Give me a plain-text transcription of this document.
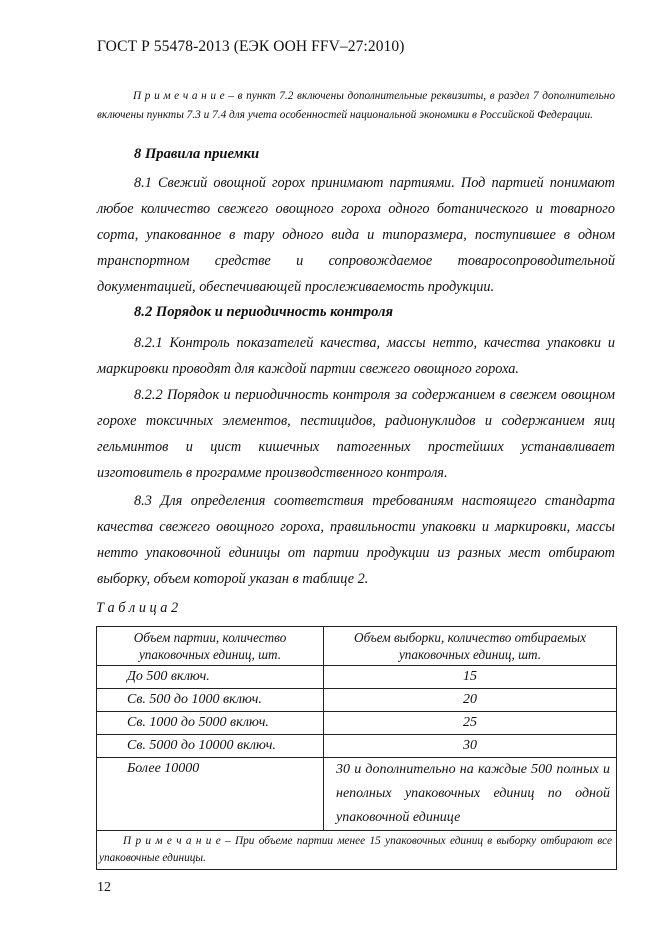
ГОСТ Р 55478-2013 (ЕЭК ООН FFV–27:2010)
П р и м е ч а н и е – в пункт 7.2 включены дополнительные реквизиты, в раздел 7 дополнительно включены пункты 7.3 и 7.4 для учета особенностей национальной экономики в Российской Федерации.
8 Правила приемки
8.1 Свежий овощной горох принимают партиями. Под партией понимают любое количество свежего овощного гороха одного ботанического и товарного сорта, упакованное в тару одного вида и типоразмера, поступившее в одном транспортном средстве и сопровождаемое товаросопроводительной документацией, обеспечивающей прослеживаемость продукции.
8.2 Порядок и периодичность контроля
8.2.1 Контроль показателей качества, массы нетто, качества упаковки и маркировки проводят для каждой партии свежего овощного гороха.
8.2.2 Порядок и периодичность контроля за содержанием в свежем овощном горохе токсичных элементов, пестицидов, радионуклидов и содержанием яиц гельминтов и цист кишечных патогенных простейших устанавливает изготовитель в программе производственного контроля.
8.3 Для определения соответствия требованиям настоящего стандарта качества свежего овощного гороха, правильности упаковки и маркировки, массы нетто упаковочной единицы от партии продукции из разных мест отбирают выборку, объем которой указан в таблице 2.
Т а б л и ц а 2
Объем партии, количество упаковочных единиц, шт.	Объем выборки, количество отбираемых упаковочных единиц, шт.
До 500 включ.	15
Св. 500 до 1000 включ.	20
Св. 1000 до 5000 включ.	25
Св. 5000 до 10000 включ.	30
Более 10000	30 и дополнительно на каждые 500 полных и неполных упаковочных единиц по одной упаковочной единице
П р и м е ч а н и е – При объеме партии менее 15 упаковочных единиц в выборку отбирают все упаковочные единицы.	
12
